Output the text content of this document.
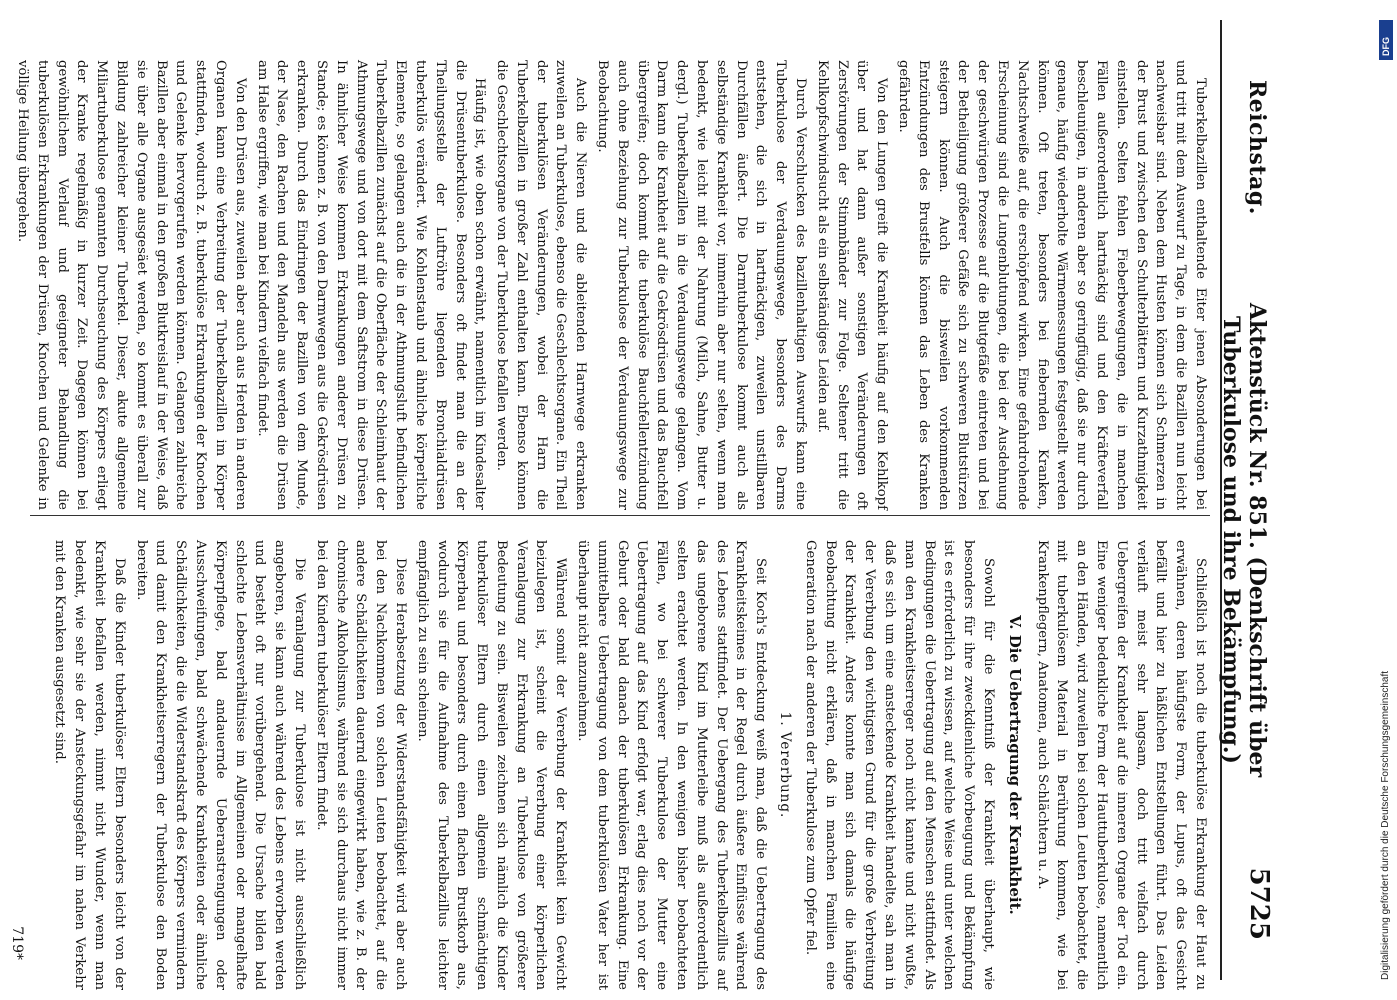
Reichstag.
Aktenstück Nr. 851. (Denkschrift über Tuberkulose und ihre Bekämpfung.)
5725

Tuberkelbazillen enthaltende Eiter jenen Absonderungen bei und tritt mit dem Auswurf zu Tage, in dem die Bazillen nun leicht nachweisbar sind. Neben dem Husten können sich Schmerzen in der Brust und zwischen den Schulterblättern und Kurzathmigkeit einstellen. Selten fehlen Fieberbewegungen, die in manchen Fällen außerordentlich hartnäckig sind und den Kräfteverfall beschleunigen, in anderen aber so geringfügig, daß sie nur durch genaue, häufig wiederholte Wärmemessungen festgestellt werden können. Oft treten, besonders bei fiebernden Kranken, Nachtschweiße auf, die erschöpfend wirken. Eine gefahrdrohende Erscheinung sind die Lungenblutungen, die bei der Ausdehnung der geschwürigen Prozesse auf die Blutgefäße eintreten und bei der Betheiligung größerer Gefäße sich zu schweren Blutstürzen steigern können. Auch die bisweilen vorkommenden Entzündungen des Brustfells können das Leben des Kranken gefährden.

Von den Lungen greift die Krankheit häufig auf den Kehlkopf über und hat dann außer sonstigen Veränderungen oft Zerstörungen der Stimmbänder zur Folge. Seltener tritt die Kehlkopfschwindsucht als ein selbständiges Leiden auf.

Durch Verschlucken des bazillenhaltigen Auswurfs kann eine Tuberkulose der Verdauungswege, besonders des Darms entstehen, die sich in hartnäckigen, zuweilen unstillbaren Durchfällen äußert. Die Darmtuberkulose kommt auch als selbständige Krankheit vor, immerhin aber nur selten, wenn man bedenkt, wie leicht mit der Nahrung (Milch, Sahne, Butter u. dergl.) Tuberkelbazillen in die Verdauungswege gelangen. Vom Darm kann die Krankheit auf die Gekrösdrüsen und das Bauchfell übergreifen; doch kommt die tuberkulöse Bauchfellentzündung auch ohne Beziehung zur Tuberkulose der Verdauungswege zur Beobachtung.

Auch die Nieren und die ableitenden Harnwege erkranken zuweilen an Tuberkulose, ebenso die Geschlechtsorgane. Ein Theil der tuberkulösen Veränderungen, wobei der Harn die Tuberkelbazillen in großer Zahl enthalten kann. Ebenso können die Geschlechtsorgane von der Tuberkulose befallen werden.

Häufig ist, wie oben schon erwähnt, namentlich im Kindesalter die Drüsentuberkulose. Besonders oft findet man die an der Theilungsstelle der Luftröhre liegenden Bronchialdrüsen tuberkulös verändert. Wie Kohlenstaub und ähnliche körperliche Elemente, so gelangen auch die in der Athmungsluft befindlichen Tuberkelbazillen zunächst auf die Oberfläche der Schleimhaut der Athmungswege und von dort mit dem Saftstrom in diese Drüsen. In ähnlicher Weise kommen Erkrankungen anderer Drüsen zu Stande; es können z. B. von den Darmwegen aus die Gekrösdrüsen erkranken. Durch das Eindringen der Bazillen von dem Munde, der Nase, den Rachen und den Mandeln aus werden die Drüsen am Halse ergriffen, wie man bei Kindern vielfach findet.

Von den Drüsen aus, zuweilen aber auch aus Herden in anderen Organen kann eine Verbreitung der Tuberkelbazillen im Körper stattfinden, wodurch z. B. tuberkulöse Erkrankungen der Knochen und Gelenke hervorgerufen werden können. Gelangen zahlreiche Bazillen aber einmal in den großen Blutkreislauf in der Weise, daß sie über alle Organe ausgesäet werden, so kommt es überall zur Bildung zahlreicher kleiner Tuberkel. Dieser, akute allgemeine Miliartuberkulose genannten Durchseuchung des Körpers erliegt der Kranke regelmäßig in kurzer Zeit. Dagegen können bei gewöhnlichem Verlauf und geeigneter Behandlung die tuberkulösen Erkrankungen der Drüsen, Knochen und Gelenke in völlige Heilung übergehen.

Schließlich ist noch die tuberkulöse Erkrankung der Haut zu erwähnen, deren häufigste Form, der Lupus, oft das Gesicht befällt und hier zu häßlichen Entstellungen führt. Das Leiden verläuft meist sehr langsam, doch tritt vielfach durch Uebergreifen der Krankheit auf die inneren Organe der Tod ein. Eine weniger bedenkliche Form der Hauttuberkulose, namentlich an den Händen, wird zuweilen bei solchen Leuten beobachtet, die mit tuberkulösem Material in Berührung kommen, wie bei Krankenpflegern, Anatomen, auch Schlächtern u. A.

V. Die Uebertragung der Krankheit.

Sowohl für die Kenntniß der Krankheit überhaupt, wie besonders für ihre zweckdienliche Vorbeugung und Bekämpfung ist es erforderlich zu wissen, auf welche Weise und unter welchen Bedingungen die Uebertragung auf den Menschen stattfindet. Als man den Krankheitserreger noch nicht kannte und nicht wußte, daß es sich um eine ansteckende Krankheit handelte, sah man in der Vererbung den wichtigsten Grund für die große Verbreitung der Krankheit. Anders konnte man sich damals die häufige Beobachtung nicht erklären, daß in manchen Familien eine Generation nach der anderen der Tuberkulose zum Opfer fiel.

1. Vererbung.

Seit Koch's Entdeckung weiß man, daß die Uebertragung des Krankheitskeimes in der Regel durch äußere Einflüsse während des Lebens stattfindet. Der Uebergang des Tuberkelbazillus auf das ungeborene Kind im Mutterleibe muß als außerordentlich selten erachtet werden. In den wenigen bisher beobachteten Fällen, wo bei schwerer Tuberkulose der Mutter eine Uebertragung auf das Kind erfolgt war, erlag dies noch vor der Geburt oder bald danach der tuberkulösen Erkrankung. Eine unmittelbare Uebertragung von dem tuberkulösen Vater her ist überhaupt nicht anzunehmen.

Während somit der Vererbung der Krankheit kein Gewicht beizulegen ist, scheint die Vererbung einer körperlichen Veranlagung zur Erkrankung an Tuberkulose von größerer Bedeutung zu sein. Bisweilen zeichnen sich nämlich die Kinder tuberkulöser Eltern durch einen allgemein schmächtigen Körperbau und besonders durch einen flachen Brustkorb aus, wodurch sie für die Aufnahme des Tuberkelbazillus leichter empfänglich zu sein scheinen.

Diese Herabsetzung der Widerstandsfähigkeit wird aber auch bei den Nachkommen von solchen Leuten beobachtet, auf die andere Schädlichkeiten dauernd eingewirkt haben, wie z. B. der chronische Alkoholismus, während sie sich durchaus nicht immer bei den Kindern tuberkulöser Eltern findet.

Die Veranlagung zur Tuberkulose ist nicht ausschließlich angeboren, sie kann auch während des Lebens erworben werden und besteht oft nur vorübergehend. Die Ursache bilden bald schlechte Lebensverhältnisse im Allgemeinen oder mangelhafte Körperpflege, bald andauernde Ueberanstrengungen oder Ausschweifungen, bald schwächende Krankheiten oder ähnliche Schädlichkeiten, die die Widerstandskraft des Körpers vermindern und damit den Krankheitserregern der Tuberkulose den Boden bereiten.

Daß die Kinder tuberkulöser Eltern besonders leicht von der Krankheit befallen werden, nimmt nicht Wunder, wenn man bedenkt, wie sehr sie der Ansteckungsgefahr im nahen Verkehr mit den Kranken ausgesetzt sind.

719*
DFG
Digitalisierung gefördert durch die Deutsche Forschungsgemeinschaft
